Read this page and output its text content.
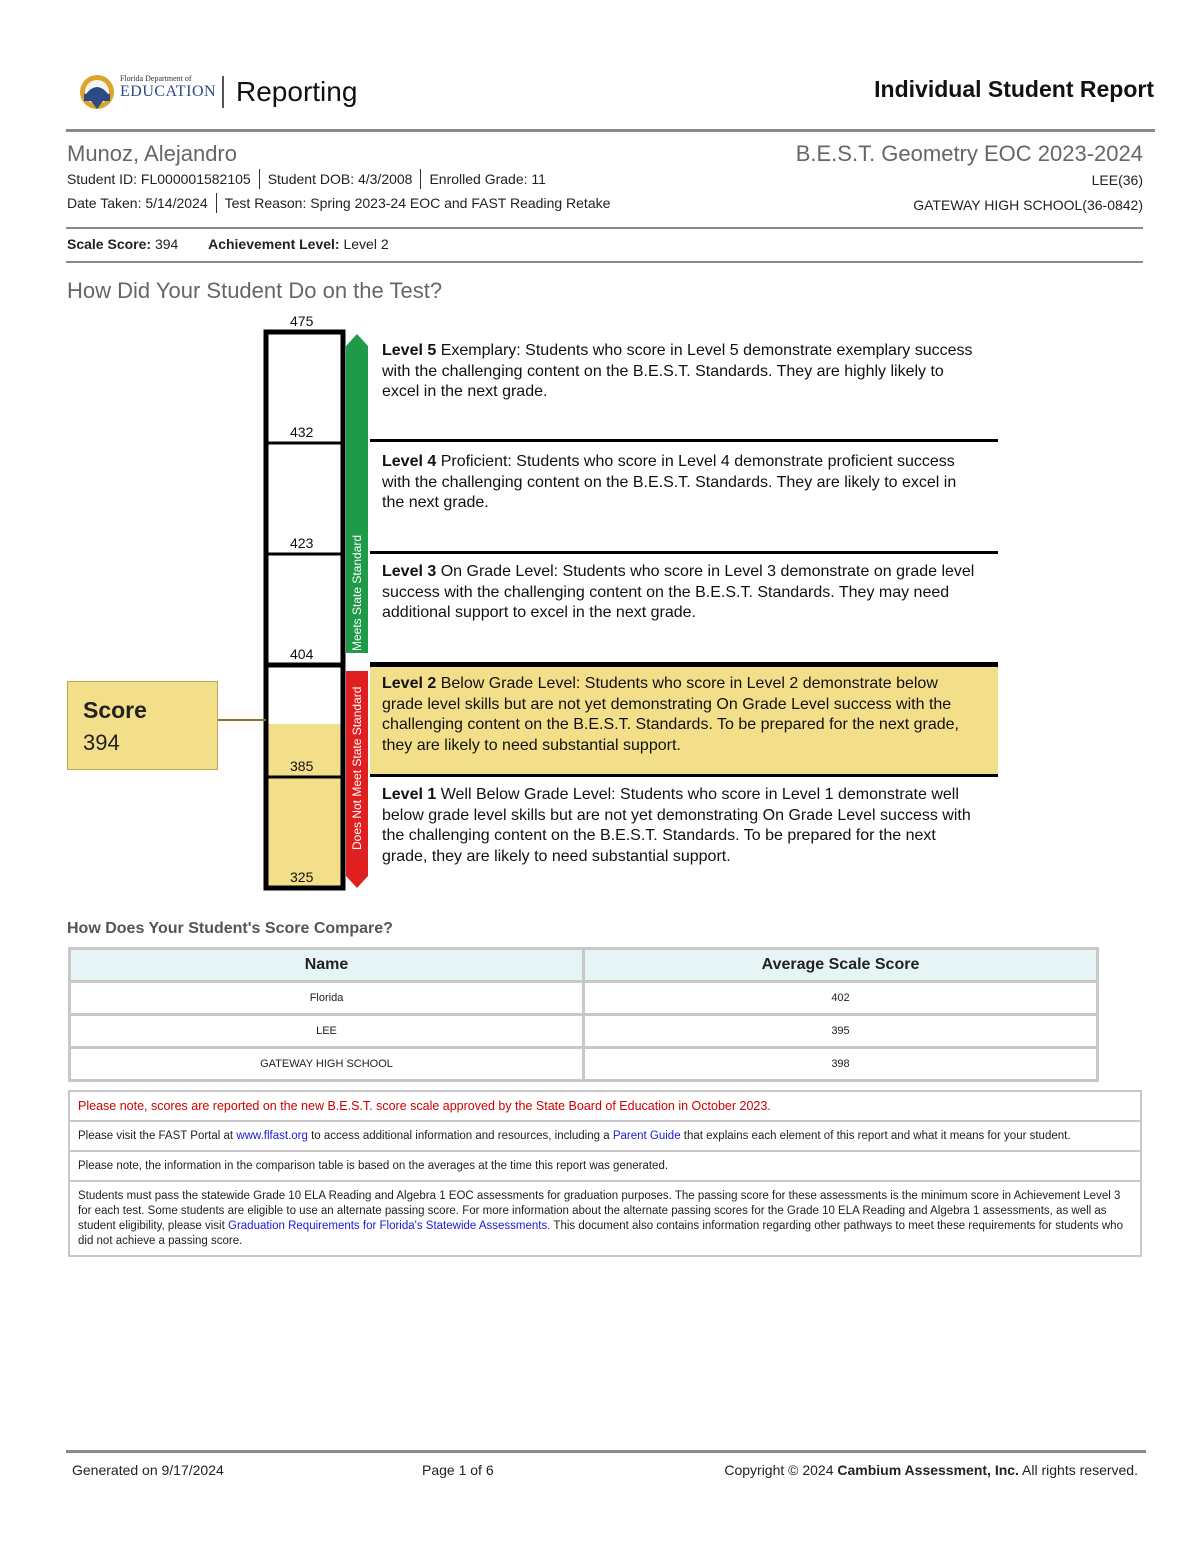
Florida Department of
EDUCATION Reporting	Individual Student Report
Munoz, Alejandro	B.E.S.T. Geometry EOC 2023-2024
Student ID: FL000001582105 Student DOB: 4/3/2008 Enrolled Grade: 11
Date Taken: 5/14/2024 Test Reason: Spring 2023-24 EOC and FAST Reading Retake
LEE(36)
GATEWAY HIGH SCHOOL(36-0842)
Scale Score: 394 Achievement Level: Level 2
How Did Your Student Do on the Test?
475
432
423
404
385
325
Meets State Standard
Does Not Meet State Standard
Level 5 Exemplary: Students who score in Level 5 demonstrate exemplary success with the challenging content on the B.E.S.T. Standards. They are highly likely to excel in the next grade.
Level 4 Proficient: Students who score in Level 4 demonstrate proficient success with the challenging content on the B.E.S.T. Standards. They are likely to excel in the next grade.
Level 3 On Grade Level: Students who score in Level 3 demonstrate on grade level success with the challenging content on the B.E.S.T. Standards. They may need additional support to excel in the next grade.
Level 2 Below Grade Level: Students who score in Level 2 demonstrate below grade level skills but are not yet demonstrating On Grade Level success with the challenging content on the B.E.S.T. Standards. To be prepared for the next grade, they are likely to need substantial support.
Level 1 Well Below Grade Level: Students who score in Level 1 demonstrate well below grade level skills but are not yet demonstrating On Grade Level success with the challenging content on the B.E.S.T. Standards. To be prepared for the next grade, they are likely to need substantial support.
Score
394
How Does Your Student's Score Compare?
Name	Average Scale Score
Florida	402
LEE	395
GATEWAY HIGH SCHOOL	398
Please note, scores are reported on the new B.E.S.T. score scale approved by the State Board of Education in October 2023.
Please visit the FAST Portal at www.flfast.org to access additional information and resources, including a Parent Guide that explains each element of this report and what it means for your student.
Please note, the information in the comparison table is based on the averages at the time this report was generated.
Students must pass the statewide Grade 10 ELA Reading and Algebra 1 EOC assessments for graduation purposes. The passing score for these assessments is the minimum score in Achievement Level 3 for each test. Some students are eligible to use an alternate passing score. For more information about the alternate passing scores for the Grade 10 ELA Reading and Algebra 1 assessments, as well as student eligibility, please visit Graduation Requirements for Florida's Statewide Assessments. This document also contains information regarding other pathways to meet these requirements for students who did not achieve a passing score.
Generated on 9/17/2024	Page 1 of 6	Copyright © 2024 Cambium Assessment, Inc. All rights reserved.
